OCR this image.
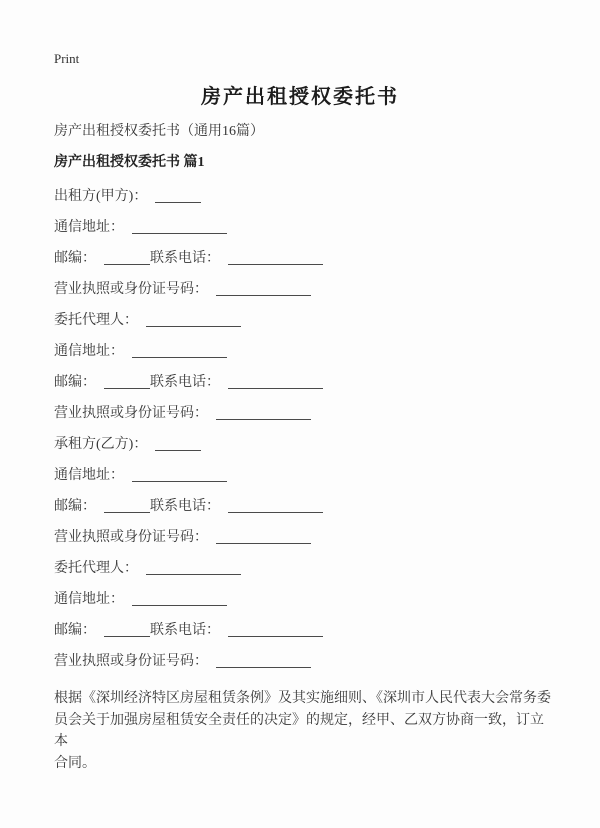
Print
房产出租授权委托书
房产出租授权委托书（通用16篇）
房产出租授权委托书 篇1
出租方(甲方)：
通信地址：
邮编：	联系电话：
营业执照或身份证号码：
委托代理人：
通信地址：
邮编：	联系电话：
营业执照或身份证号码：
承租方(乙方)：
通信地址：
邮编：	联系电话：
营业执照或身份证号码：
委托代理人：
通信地址：
邮编：	联系电话：
营业执照或身份证号码：
根据《深圳经济特区房屋租赁条例》及其实施细则、《深圳市人民代表大会常务委
员会关于加强房屋租赁安全责任的决定》的规定，经甲、乙双方协商一致，订立本
合同。
